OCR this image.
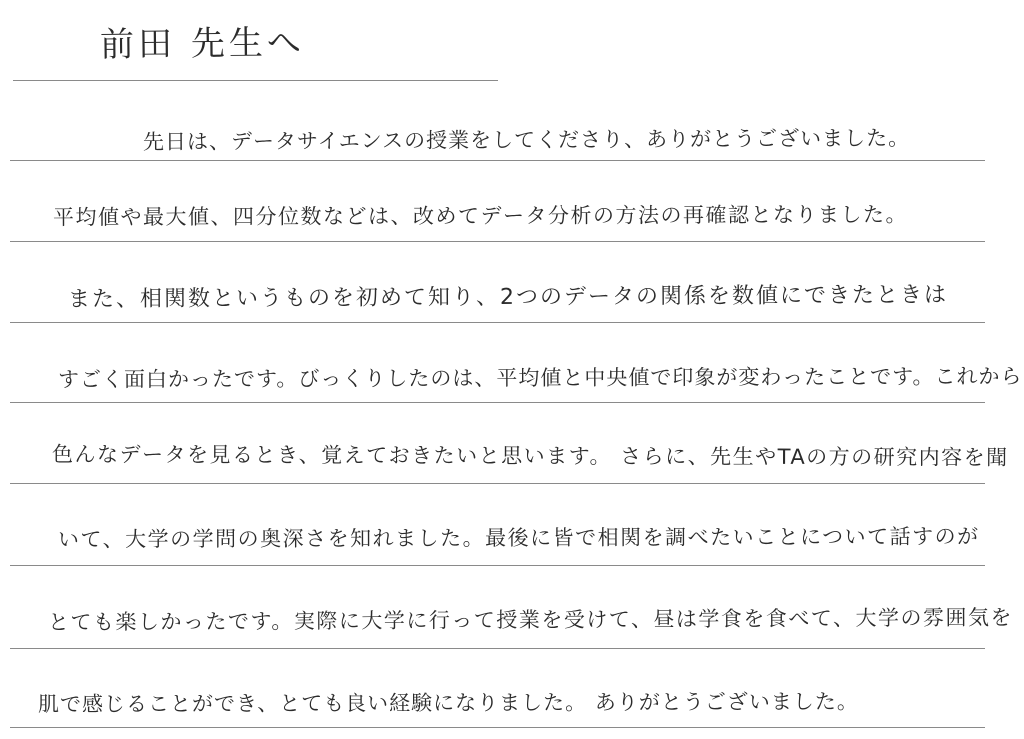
前田 先生へ
先日は、データサイエンスの授業をしてくださり、ありがとうございました。
平均値や最大値、四分位数などは、改めてデータ分析の方法の再確認となりました。
また、相関数というものを初めて知り、2つのデータの関係を数値にできたときは
すごく面白かったです。びっくりしたのは、平均値と中央値で印象が変わったことです。これから
色んなデータを見るとき、覚えておきたいと思います。 さらに、先生やTAの方の研究内容を聞
いて、大学の学問の奥深さを知れました。最後に皆で相関を調べたいことについて話すのが
とても楽しかったです。実際に大学に行って授業を受けて、昼は学食を食べて、大学の雰囲気を
肌で感じることができ、とても良い経験になりました。 ありがとうございました。
